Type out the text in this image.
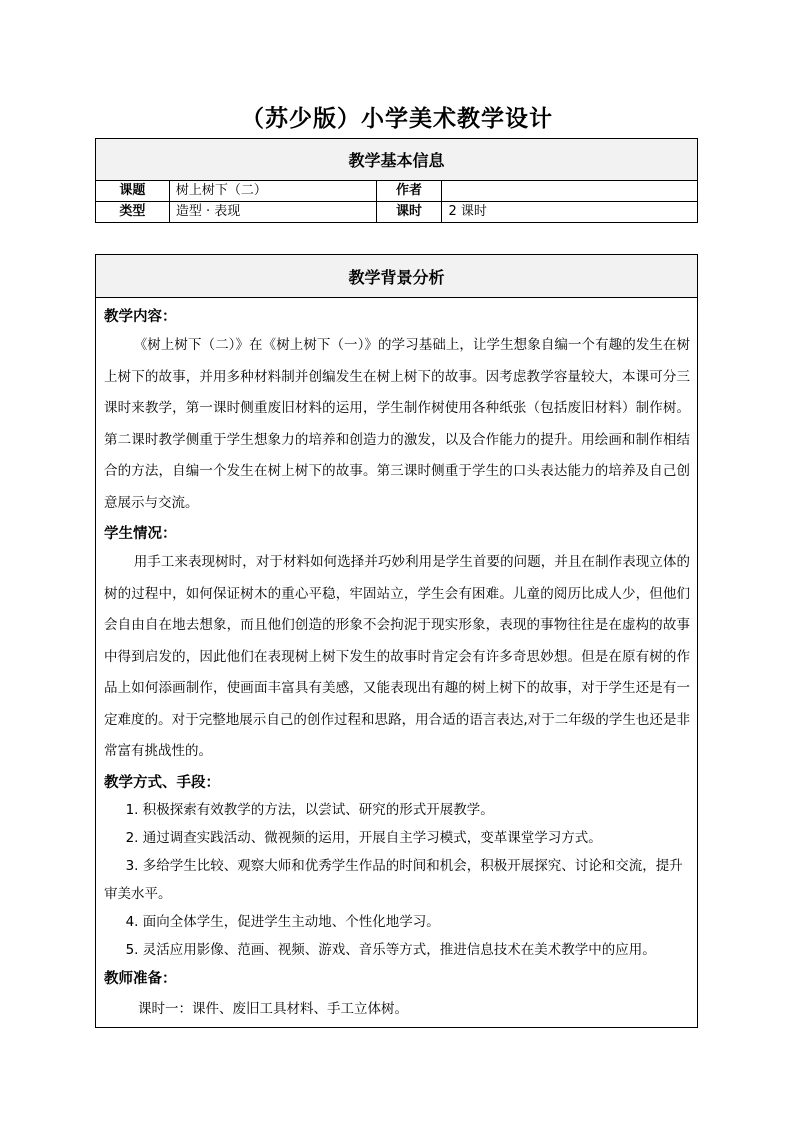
（苏少版）小学美术教学设计
教学基本信息			
课题	树上树下（二）	作者	
类型	造型 · 表现	课时	2 课时
教学背景分析

教学内容：

《树上树下（二）》在《树上树下（一）》的学习基础上，让学生想象自编一个有趣的发生在树上树下的故事，并用多种材料制并创编发生在树上树下的故事。因考虑教学容量较大，本课可分三课时来教学，第一课时侧重废旧材料的运用，学生制作树使用各种纸张（包括废旧材料）制作树。第二课时教学侧重于学生想象力的培养和创造力的激发，以及合作能力的提升。用绘画和制作相结合的方法，自编一个发生在树上树下的故事。第三课时侧重于学生的口头表达能力的培养及自己创意展示与交流。

学生情况：

用手工来表现树时，对于材料如何选择并巧妙利用是学生首要的问题，并且在制作表现立体的树的过程中，如何保证树木的重心平稳，牢固站立，学生会有困难。儿童的阅历比成人少，但他们会自由自在地去想象，而且他们创造的形象不会拘泥于现实形象，表现的事物往往是在虚构的故事中得到启发的，因此他们在表现树上树下发生的故事时肯定会有许多奇思妙想。但是在原有树的作品上如何添画制作，使画面丰富具有美感，又能表现出有趣的树上树下的故事，对于学生还是有一定难度的。对于完整地展示自己的创作过程和思路，用合适的语言表达,对于二年级的学生也还是非常富有挑战性的。

教学方式、手段：

1. 积极探索有效教学的方法，以尝试、研究的形式开展教学。

2. 通过调查实践活动、微视频的运用，开展自主学习模式，变革课堂学习方式。

3. 多给学生比较、观察大师和优秀学生作品的时间和机会，积极开展探究、讨论和交流，提升审美水平。

4. 面向全体学生，促进学生主动地、个性化地学习。

5. 灵活应用影像、范画、视频、游戏、音乐等方式，推进信息技术在美术教学中的应用。

教师准备：

课时一：课件、废旧工具材料、手工立体树。
